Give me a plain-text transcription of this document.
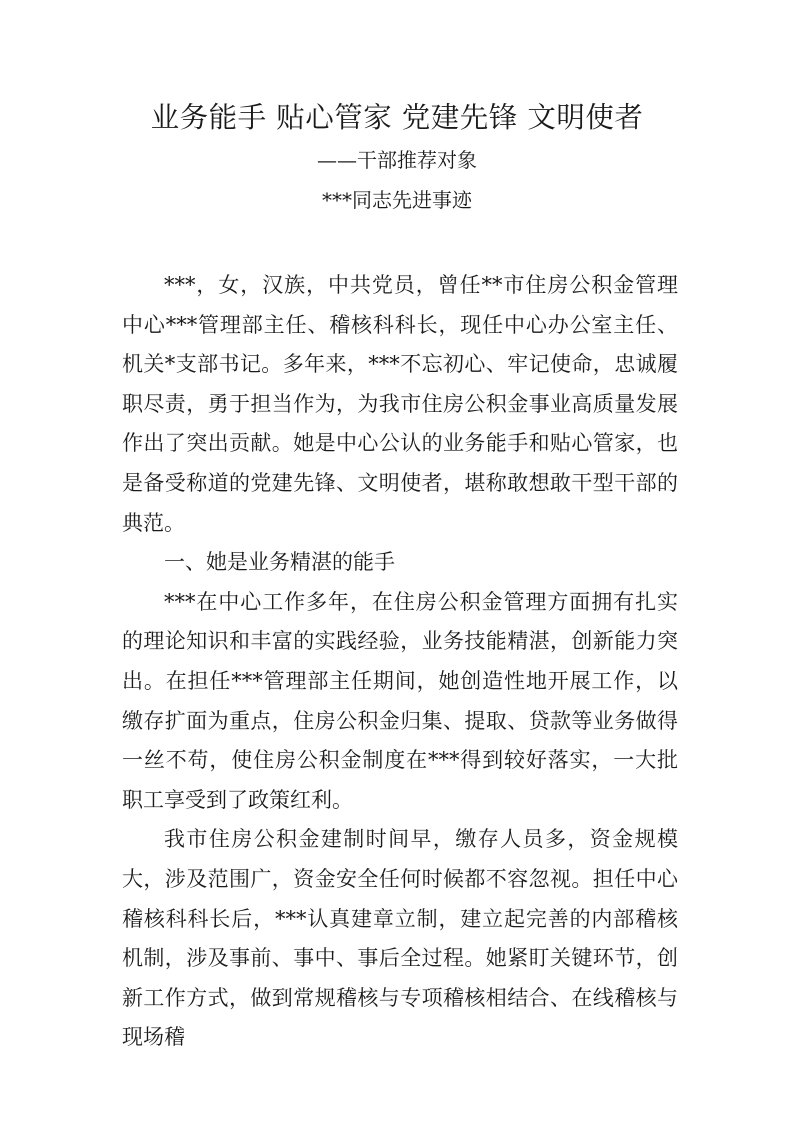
业务能手 贴心管家 党建先锋 文明使者
——干部推荐对象
***同志先进事迹

***，女，汉族，中共党员，曾任**市住房公积金管理中心***管理部主任、稽核科科长，现任中心办公室主任、机关*支部书记。多年来，***不忘初心、牢记使命，忠诚履职尽责，勇于担当作为，为我市住房公积金事业高质量发展作出了突出贡献。她是中心公认的业务能手和贴心管家，也是备受称道的党建先锋、文明使者，堪称敢想敢干型干部的典范。

一、她是业务精湛的能手

***在中心工作多年，在住房公积金管理方面拥有扎实的理论知识和丰富的实践经验，业务技能精湛，创新能力突出。在担任***管理部主任期间，她创造性地开展工作，以 缴存扩面为重点，住房公积金归集、提取、贷款等业务做得一丝不苟，使住房公积金制度在***得到较好落实，一大批 职工享受到了政策红利。

我市住房公积金建制时间早，缴存人员多，资金规模大，涉及范围广，资金安全任何时候都不容忽视。担任中心稽核科科长后，***认真建章立制，建立起完善的内部稽核机制，涉及事前、事中、事后全过程。她紧盯关键环节，创新工作方式，做到常规稽核与专项稽核相结合、在线稽核与现场稽
